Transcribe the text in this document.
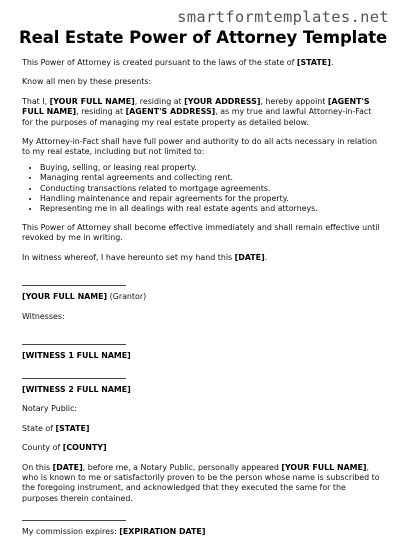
smartformtemplates.net
Real Estate Power of Attorney Template

This Power of Attorney is created pursuant to the laws of the state of [STATE].

Know all men by these presents:

That I, [YOUR FULL NAME], residing at [YOUR ADDRESS], hereby appoint [AGENT'S FULL NAME], residing at [AGENT'S ADDRESS], as my true and lawful Attorney-in-Fact for the purposes of managing my real estate property as detailed below.

My Attorney-in-Fact shall have full power and authority to do all acts necessary in relation to my real estate, including but not limited to:

• Buying, selling, or leasing real property.
• Managing rental agreements and collecting rent.
• Conducting transactions related to mortgage agreements.
• Handling maintenance and repair agreements for the property.
• Representing me in all dealings with real estate agents and attorneys.

This Power of Attorney shall become effective immediately and shall remain effective until revoked by me in writing.

In witness whereof, I have hereunto set my hand this [DATE].

[YOUR FULL NAME] (Grantor)

Witnesses:

[WITNESS 1 FULL NAME]

[WITNESS 2 FULL NAME]

Notary Public:

State of [STATE]

County of [COUNTY]

On this [DATE], before me, a Notary Public, personally appeared [YOUR FULL NAME], who is known to me or satisfactorily proven to be the person whose name is subscribed to the foregoing instrument, and acknowledged that they executed the same for the purposes therein contained.

My commission expires: [EXPIRATION DATE]
